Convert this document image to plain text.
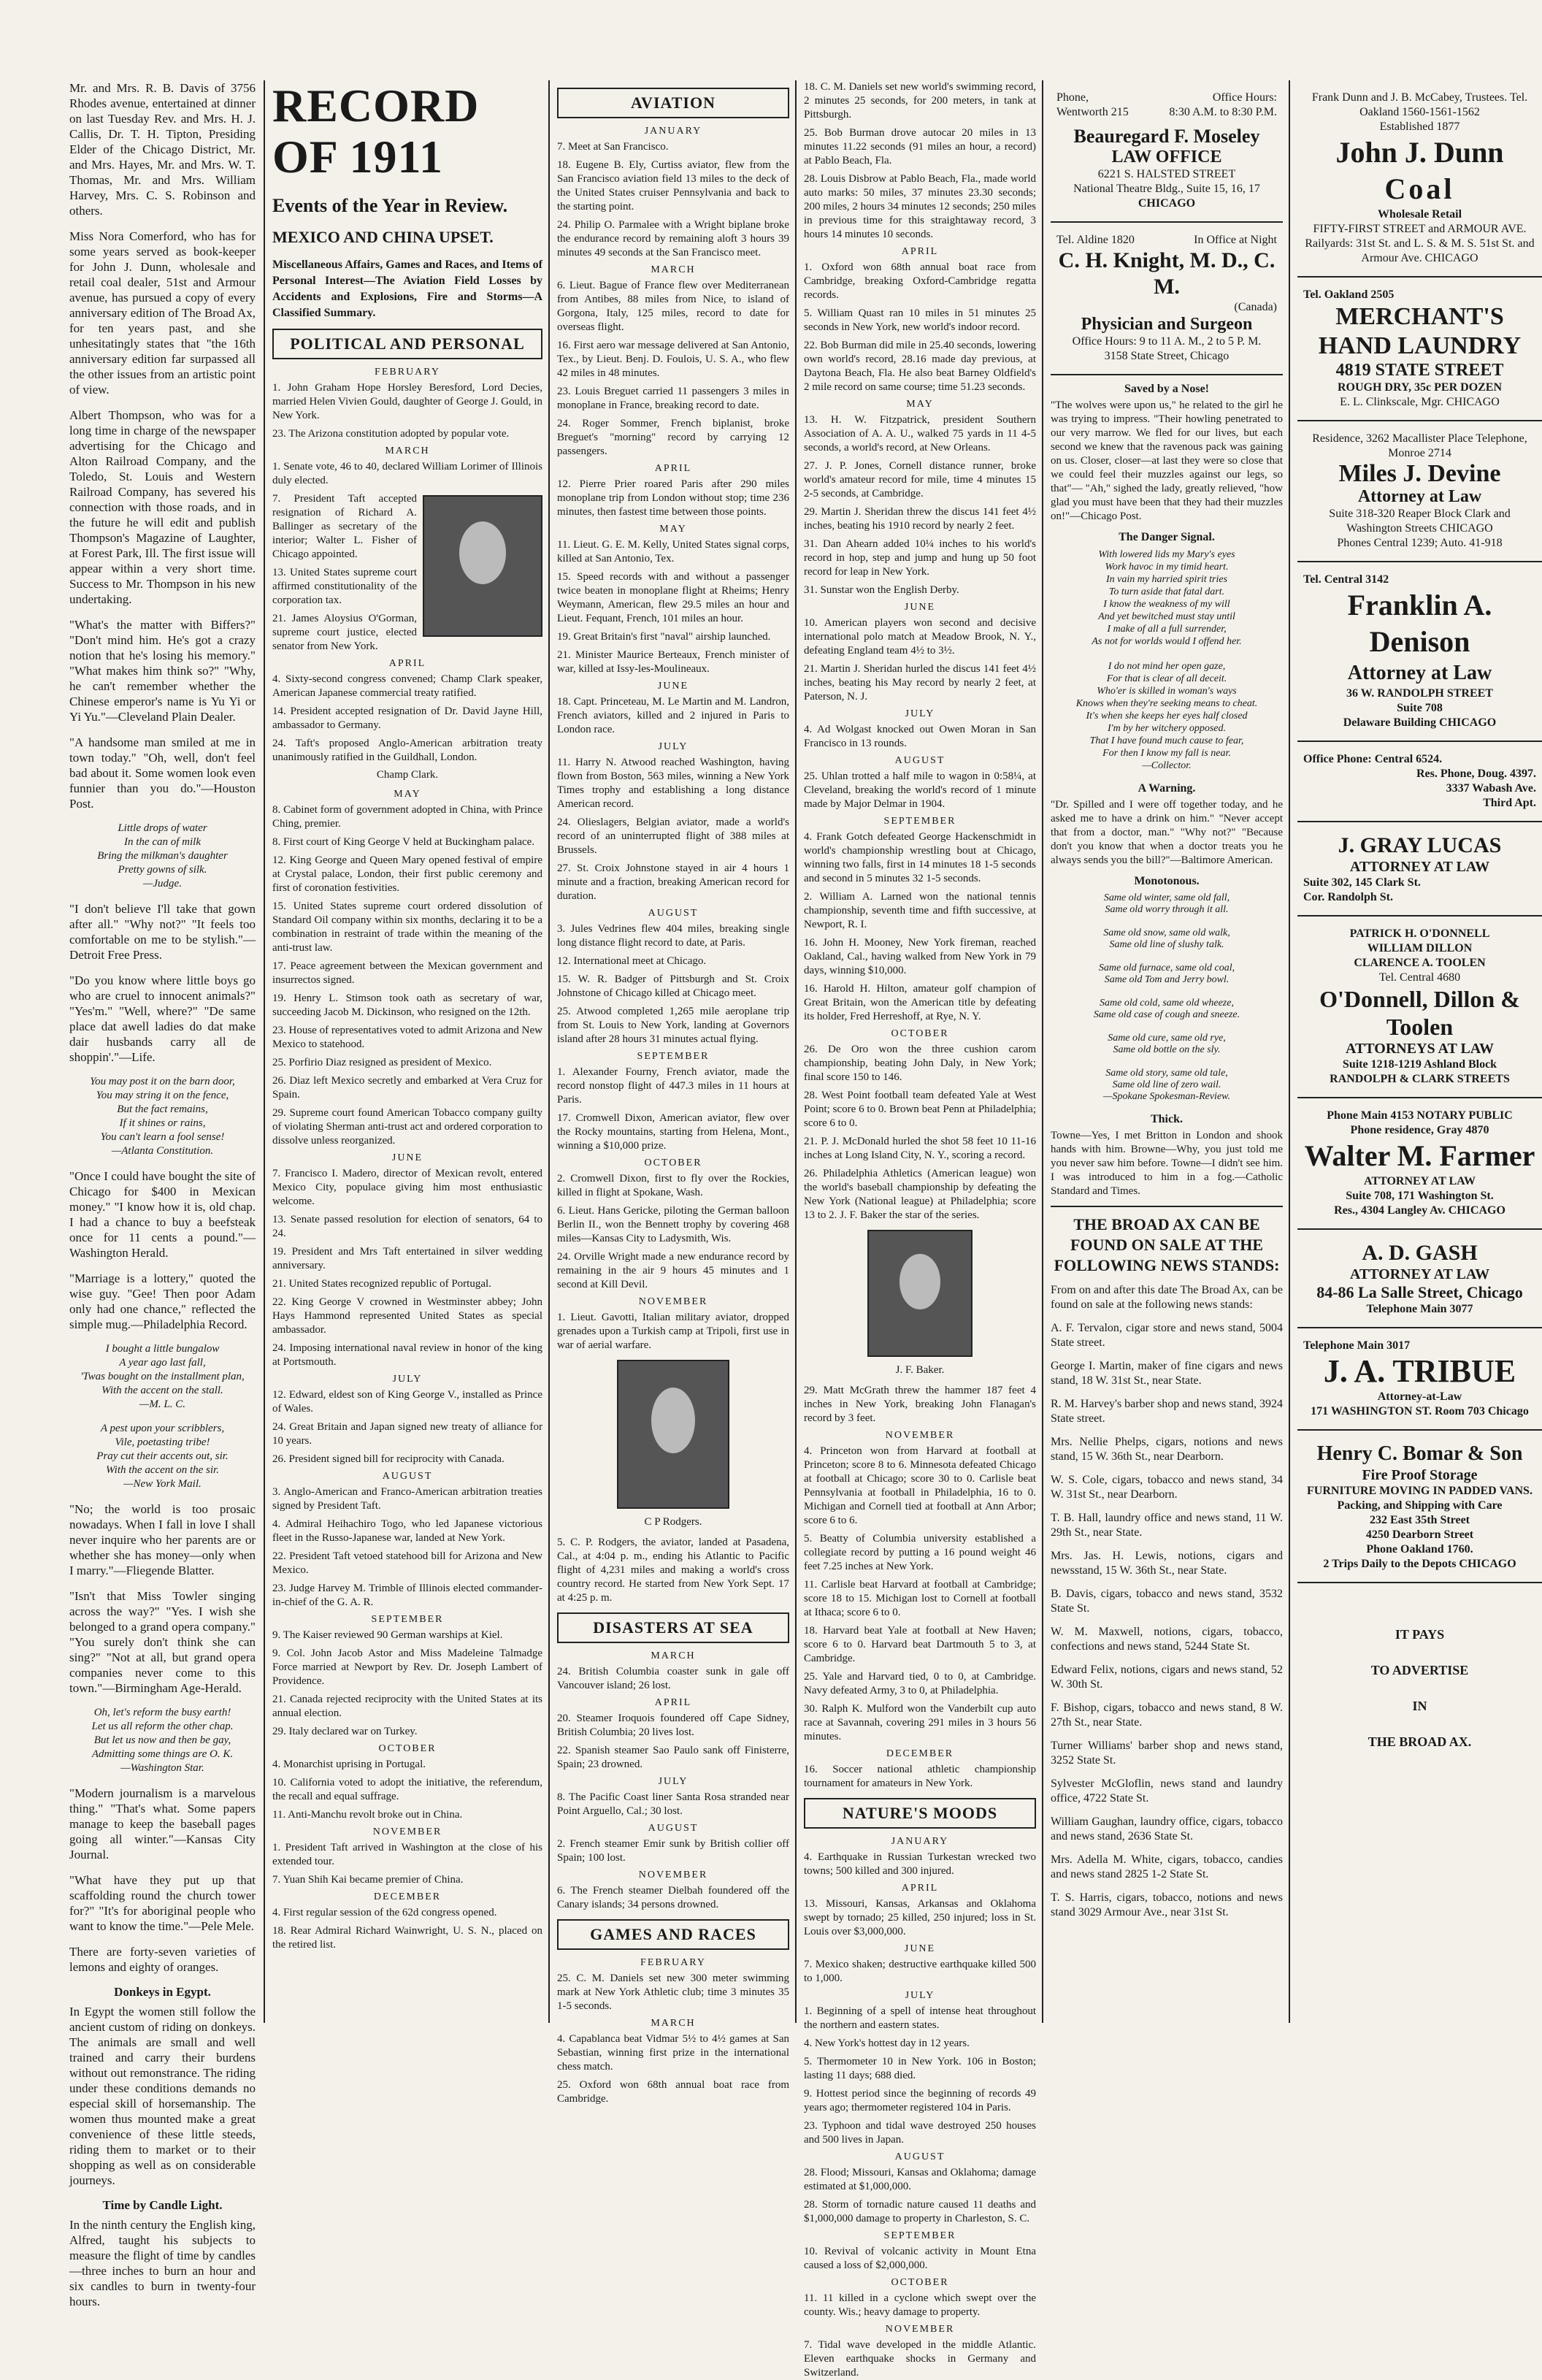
Mr. and Mrs. R. B. Davis of 3756 Rhodes avenue, entertained at dinner on last Tuesday Rev. and Mrs. H. J. Callis, Dr. T. H. Tipton, Presiding Elder of the Chicago District, Mr. and Mrs. Hayes, Mr. and Mrs. W. T. Thomas, Mr. and Mrs. William Harvey, Mrs. C. S. Robinson and others.

Miss Nora Comerford, who has for some years served as book-keeper for John J. Dunn, wholesale and retail coal dealer, 51st and Armour avenue, has pursued a copy of every anniversary edition of The Broad Ax, for ten years past, and she unhesitatingly states that "the 16th anniversary edition far surpassed all the other issues from an artistic point of view.

Albert Thompson, who was for a long time in charge of the newspaper advertising for the Chicago and Alton Railroad Company, and the Toledo, St. Louis and Western Railroad Company, has severed his connection with those roads, and in the future he will edit and publish Thompson's Magazine of Laughter, at Forest Park, Ill. The first issue will appear within a very short time. Success to Mr. Thompson in his new undertaking.

"What's the matter with Biffers?" "Don't mind him. He's got a crazy notion that he's losing his memory." "What makes him think so?" "Why, he can't remember whether the Chinese emperor's name is Yu Yi or Yi Yu."—Cleveland Plain Dealer.

"A handsome man smiled at me in town today." "Oh, well, don't feel bad about it. Some women look even funnier than you do."—Houston Post.

Little drops of water
In the can of milk
Bring the milkman's daughter
Pretty gowns of silk.
—Judge.

"I don't believe I'll take that gown after all." "Why not?" "It feels too comfortable on me to be stylish."—Detroit Free Press.

"Do you know where little boys go who are cruel to innocent animals?" "Yes'm." "Well, where?" "De same place dat awell ladies do dat make dair husbands carry all de shoppin'."—Life.

You may post it on the barn door,
You may string it on the fence,
But the fact remains,
If it shines or rains,
You can't learn a fool sense!
—Atlanta Constitution.

"Once I could have bought the site of Chicago for $400 in Mexican money." "I know how it is, old chap. I had a chance to buy a beefsteak once for 11 cents a pound."—Washington Herald.

"Marriage is a lottery," quoted the wise guy. "Gee! Then poor Adam only had one chance," reflected the simple mug.—Philadelphia Record.

I bought a little bungalow
A year ago last fall,
'Twas bought on the installment plan,
With the accent on the stall.
—M. L. C.
A pest upon your scribblers,
Vile, poetasting tribe!
Pray cut their accents out, sir.
With the accent on the sir.
—New York Mail.

"No; the world is too prosaic nowadays. When I fall in love I shall never inquire who her parents are or whether she has money—only when I marry."—Fliegende Blatter.

"Isn't that Miss Towler singing across the way?" "Yes. I wish she belonged to a grand opera company." "You surely don't think she can sing?" "Not at all, but grand opera companies never come to this town."—Birmingham Age-Herald.

Oh, let's reform the busy earth!
Let us all reform the other chap.
But let us now and then be gay,
Admitting some things are O. K.
—Washington Star.

"Modern journalism is a marvelous thing." "That's what. Some papers manage to keep the baseball pages going all winter."—Kansas City Journal.

"What have they put up that scaffolding round the church tower for?" "It's for aboriginal people who want to know the time."—Pele Mele.

There are forty-seven varieties of lemons and eighty of oranges.

Donkeys in Egypt.

In Egypt the women still follow the ancient custom of riding on donkeys. The animals are small and well trained and carry their burdens without out remonstrance. The riding under these conditions demands no especial skill of horsemanship. The women thus mounted make a great convenience of these little steeds, riding them to market or to their shopping as well as on considerable journeys.

Time by Candle Light.

In the ninth century the English king, Alfred, taught his subjects to measure the flight of time by candles—three inches to burn an hour and six candles to burn in twenty-four hours.

RECORD OF 1911
Events of the Year in Review.
MEXICO AND CHINA UPSET.
Miscellaneous Affairs, Games and Races, and Items of Personal Interest—The Aviation Field Losses by Accidents and Explosions, Fire and Storms—A Classified Summary.
POLITICAL AND PERSONAL
FEBRUARY
1. John Graham Hope Horsley Beresford, Lord Decies, married Helen Vivien Gould, daughter of George J. Gould, in New York.
23. The Arizona constitution adopted by popular vote.
MARCH
1. Senate vote, 46 to 40, declared William Lorimer of Illinois duly elected.
7. President Taft accepted resignation of Richard A. Ballinger as secretary of the interior; Walter L. Fisher of Chicago appointed.
13. United States supreme court affirmed constitutionality of the corporation tax.
21. James Aloysius O'Gorman, supreme court justice, elected senator from New York.
APRIL
4. Sixty-second congress convened; Champ Clark speaker, American Japanese commercial treaty ratified.
14. President accepted resignation of Dr. David Jayne Hill, ambassador to Germany.
24. Taft's proposed Anglo-American arbitration treaty unanimously ratified in the Guildhall, London.
Champ Clark.
MAY
8. Cabinet form of government adopted in China, with Prince Ching, premier.
8. First court of King George V held at Buckingham palace.
12. King George and Queen Mary opened festival of empire at Crystal palace, London, their first public ceremony and first of coronation festivities.
15. United States supreme court ordered dissolution of Standard Oil company within six months, declaring it to be a combination in restraint of trade within the meaning of the anti-trust law.
17. Peace agreement between the Mexican government and insurrectos signed.
19. Henry L. Stimson took oath as secretary of war, succeeding Jacob M. Dickinson, who resigned on the 12th.
23. House of representatives voted to admit Arizona and New Mexico to statehood.
25. Porfirio Diaz resigned as president of Mexico.
26. Diaz left Mexico secretly and embarked at Vera Cruz for Spain.
29. Supreme court found American Tobacco company guilty of violating Sherman anti-trust act and ordered corporation to dissolve unless reorganized.
JUNE
7. Francisco I. Madero, director of Mexican revolt, entered Mexico City, populace giving him most enthusiastic welcome.
13. Senate passed resolution for election of senators, 64 to 24.
19. President and Mrs Taft entertained in silver wedding anniversary.
21. United States recognized republic of Portugal.
22. King George V crowned in Westminster abbey; John Hays Hammond represented United States as special ambassador.
24. Imposing international naval review in honor of the king at Portsmouth.
JULY
12. Edward, eldest son of King George V., installed as Prince of Wales.
24. Great Britain and Japan signed new treaty of alliance for 10 years.
26. President signed bill for reciprocity with Canada.
AUGUST
3. Anglo-American and Franco-American arbitration treaties signed by President Taft.
4. Admiral Heihachiro Togo, who led Japanese victorious fleet in the Russo-Japanese war, landed at New York.
22. President Taft vetoed statehood bill for Arizona and New Mexico.
23. Judge Harvey M. Trimble of Illinois elected commander-in-chief of the G. A. R.
SEPTEMBER
9. The Kaiser reviewed 90 German warships at Kiel.
9. Col. John Jacob Astor and Miss Madeleine Talmadge Force married at Newport by Rev. Dr. Joseph Lambert of Providence.
21. Canada rejected reciprocity with the United States at its annual election.
29. Italy declared war on Turkey.
OCTOBER
4. Monarchist uprising in Portugal.
10. California voted to adopt the initiative, the referendum, the recall and equal suffrage.
11. Anti-Manchu revolt broke out in China.
NOVEMBER
1. President Taft arrived in Washington at the close of his extended tour.
7. Yuan Shih Kai became premier of China.
DECEMBER
4. First regular session of the 62d congress opened.
18. Rear Admiral Richard Wainwright, U. S. N., placed on the retired list.
AVIATION
JANUARY
7. Meet at San Francisco.
18. Eugene B. Ely, Curtiss aviator, flew from the San Francisco aviation field 13 miles to the deck of the United States cruiser Pennsylvania and back to the starting point.
24. Philip O. Parmalee with a Wright biplane broke the endurance record by remaining aloft 3 hours 39 minutes 49 seconds at the San Francisco meet.
MARCH
6. Lieut. Bague of France flew over Mediterranean from Antibes, 88 miles from Nice, to island of Gorgona, Italy, 125 miles, record to date for overseas flight.
16. First aero war message delivered at San Antonio, Tex., by Lieut. Benj. D. Foulois, U. S. A., who flew 42 miles in 48 minutes.
23. Louis Breguet carried 11 passengers 3 miles in monoplane in France, breaking record to date.
24. Roger Sommer, French biplanist, broke Breguet's "morning" record by carrying 12 passengers.
APRIL
12. Pierre Prier roared Paris after 290 miles monoplane trip from London without stop; time 236 minutes, then fastest time between those points.
MAY
11. Lieut. G. E. M. Kelly, United States signal corps, killed at San Antonio, Tex.
15. Speed records with and without a passenger twice beaten in monoplane flight at Rheims; Henry Weymann, American, flew 29.5 miles an hour and Lieut. Fequant, French, 101 miles an hour.
19. Great Britain's first "naval" airship launched.
21. Minister Maurice Berteaux, French minister of war, killed at Issy-les-Moulineaux.
JUNE
18. Capt. Princeteau, M. Le Martin and M. Landron, French aviators, killed and 2 injured in Paris to London race.
JULY
11. Harry N. Atwood reached Washington, having flown from Boston, 563 miles, winning a New York Times trophy and establishing a long distance American record.
24. Olieslagers, Belgian aviator, made a world's record of an uninterrupted flight of 388 miles at Brussels.
27. St. Croix Johnstone stayed in air 4 hours 1 minute and a fraction, breaking American record for duration.
AUGUST
3. Jules Vedrines flew 404 miles, breaking single long distance flight record to date, at Paris.
12. International meet at Chicago.
15. W. R. Badger of Pittsburgh and St. Croix Johnstone of Chicago killed at Chicago meet.
25. Atwood completed 1,265 mile aeroplane trip from St. Louis to New York, landing at Governors island after 28 hours 31 minutes actual flying.
SEPTEMBER
1. Alexander Fourny, French aviator, made the record nonstop flight of 447.3 miles in 11 hours at Paris.
17. Cromwell Dixon, American aviator, flew over the Rocky mountains, starting from Helena, Mont., winning a $10,000 prize.
OCTOBER
2. Cromwell Dixon, first to fly over the Rockies, killed in flight at Spokane, Wash.
6. Lieut. Hans Gericke, piloting the German balloon Berlin II., won the Bennett trophy by covering 468 miles—Kansas City to Ladysmith, Wis.
24. Orville Wright made a new endurance record by remaining in the air 9 hours 45 minutes and 1 second at Kill Devil.
NOVEMBER
1. Lieut. Gavotti, Italian military aviator, dropped grenades upon a Turkish camp at Tripoli, first use in war of aerial warfare.
C P Rodgers.
5. C. P. Rodgers, the aviator, landed at Pasadena, Cal., at 4:04 p. m., ending his Atlantic to Pacific flight of 4,231 miles and making a world's cross country record. He started from New York Sept. 17 at 4:25 p. m.
DISASTERS AT SEA
MARCH
24. British Columbia coaster sunk in gale off Vancouver island; 26 lost.
APRIL
20. Steamer Iroquois foundered off Cape Sidney, British Columbia; 20 lives lost.
22. Spanish steamer Sao Paulo sank off Finisterre, Spain; 23 drowned.
JULY
8. The Pacific Coast liner Santa Rosa stranded near Point Arguello, Cal.; 30 lost.
AUGUST
2. French steamer Emir sunk by British collier off Spain; 100 lost.
NOVEMBER
6. The French steamer Dielbah foundered off the Canary islands; 34 persons drowned.
GAMES AND RACES
FEBRUARY
25. C. M. Daniels set new 300 meter swimming mark at New York Athletic club; time 3 minutes 35 1-5 seconds.
MARCH
4. Capablanca beat Vidmar 5½ to 4½ games at San Sebastian, winning first prize in the international chess match.
25. Oxford won 68th annual boat race from Cambridge.
18. C. M. Daniels set new world's swimming record, 2 minutes 25 seconds, for 200 meters, in tank at Pittsburgh.
25. Bob Burman drove autocar 20 miles in 13 minutes 11.22 seconds (91 miles an hour, a record) at Pablo Beach, Fla.
28. Louis Disbrow at Pablo Beach, Fla., made world auto marks: 50 miles, 37 minutes 23.30 seconds; 200 miles, 2 hours 34 minutes 12 seconds; 250 miles in previous time for this straightaway record, 3 hours 14 minutes 10 seconds.
APRIL
1. Oxford won 68th annual boat race from Cambridge, breaking Oxford-Cambridge regatta records.
5. William Quast ran 10 miles in 51 minutes 25 seconds in New York, new world's indoor record.
22. Bob Burman did mile in 25.40 seconds, lowering own world's record, 28.16 made day previous, at Daytona Beach, Fla. He also beat Barney Oldfield's 2 mile record on same course; time 51.23 seconds.
MAY
13. H. W. Fitzpatrick, president Southern Association of A. A. U., walked 75 yards in 11 4-5 seconds, a world's record, at New Orleans.
27. J. P. Jones, Cornell distance runner, broke world's amateur record for mile, time 4 minutes 15 2-5 seconds, at Cambridge.
29. Martin J. Sheridan threw the discus 141 feet 4½ inches, beating his 1910 record by nearly 2 feet.
31. Dan Ahearn added 10¼ inches to his world's record in hop, step and jump and hung up 50 foot record for leap in New York.
31. Sunstar won the English Derby.
JUNE
10. American players won second and decisive international polo match at Meadow Brook, N. Y., defeating England team 4½ to 3½.
21. Martin J. Sheridan hurled the discus 141 feet 4½ inches, beating his May record by nearly 2 feet, at Paterson, N. J.
JULY
4. Ad Wolgast knocked out Owen Moran in San Francisco in 13 rounds.
AUGUST
25. Uhlan trotted a half mile to wagon in 0:58¼, at Cleveland, breaking the world's record of 1 minute made by Major Delmar in 1904.
SEPTEMBER
4. Frank Gotch defeated George Hackenschmidt in world's championship wrestling bout at Chicago, winning two falls, first in 14 minutes 18 1-5 seconds and second in 5 minutes 32 1-5 seconds.
2. William A. Larned won the national tennis championship, seventh time and fifth successive, at Newport, R. I.
16. John H. Mooney, New York fireman, reached Oakland, Cal., having walked from New York in 79 days, winning $10,000.
16. Harold H. Hilton, amateur golf champion of Great Britain, won the American title by defeating its holder, Fred Herreshoff, at Rye, N. Y.
OCTOBER
26. De Oro won the three cushion carom championship, beating John Daly, in New York; final score 150 to 146.
28. West Point football team defeated Yale at West Point; score 6 to 0. Brown beat Penn at Philadelphia; score 6 to 0.
21. P. J. McDonald hurled the shot 58 feet 10 11-16 inches at Long Island City, N. Y., scoring a record.
26. Philadelphia Athletics (American league) won the world's baseball championship by defeating the New York (National league) at Philadelphia; score 13 to 2. J. F. Baker the star of the series.
J. F. Baker.
29. Matt McGrath threw the hammer 187 feet 4 inches in New York, breaking John Flanagan's record by 3 feet.
NOVEMBER
4. Princeton won from Harvard at football at Princeton; score 8 to 6. Minnesota defeated Chicago at football at Chicago; score 30 to 0. Carlisle beat Pennsylvania at football in Philadelphia, 16 to 0. Michigan and Cornell tied at football at Ann Arbor; score 6 to 6.
5. Beatty of Columbia university established a collegiate record by putting a 16 pound weight 46 feet 7.25 inches at New York.
11. Carlisle beat Harvard at football at Cambridge; score 18 to 15. Michigan lost to Cornell at football at Ithaca; score 6 to 0.
18. Harvard beat Yale at football at New Haven; score 6 to 0. Harvard beat Dartmouth 5 to 3, at Cambridge.
25. Yale and Harvard tied, 0 to 0, at Cambridge. Navy defeated Army, 3 to 0, at Philadelphia.
30. Ralph K. Mulford won the Vanderbilt cup auto race at Savannah, covering 291 miles in 3 hours 56 minutes.
DECEMBER
16. Soccer national athletic championship tournament for amateurs in New York.
NATURE'S MOODS
JANUARY
4. Earthquake in Russian Turkestan wrecked two towns; 500 killed and 300 injured.
APRIL
13. Missouri, Kansas, Arkansas and Oklahoma swept by tornado; 25 killed, 250 injured; loss in St. Louis over $3,000,000.
JUNE
7. Mexico shaken; destructive earthquake killed 500 to 1,000.
JULY
1. Beginning of a spell of intense heat throughout the northern and eastern states.
4. New York's hottest day in 12 years.
5. Thermometer 10 in New York. 106 in Boston; lasting 11 days; 688 died.
9. Hottest period since the beginning of records 49 years ago; thermometer registered 104 in Paris.
23. Typhoon and tidal wave destroyed 250 houses and 500 lives in Japan.
AUGUST
28. Flood; Missouri, Kansas and Oklahoma; damage estimated at $1,000,000.
28. Storm of tornadic nature caused 11 deaths and $1,000,000 damage to property in Charleston, S. C.
SEPTEMBER
10. Revival of volcanic activity in Mount Etna caused a loss of $2,000,000.
OCTOBER
11. 11 killed in a cyclone which swept over the county. Wis.; heavy damage to property.
NOVEMBER
7. Tidal wave developed in the middle Atlantic. Eleven earthquake shocks in Germany and Switzerland.
Phone,	Office Hours:
Wentworth 215	8:30 A.M. to 8:30 P.M.
Beauregard F. Moseley
LAW OFFICE
6221 S. HALSTED STREET
National Theatre Bldg., Suite 15, 16, 17
CHICAGO
Tel. Aldine 1820	In Office at Night
C. H. Knight, M. D., C. M.
(Canada)
Physician and Surgeon
Office Hours: 9 to 11 A. M., 2 to 5 P. M.
3158 State Street, Chicago
Saved by a Nose!
"The wolves were upon us," he related to the girl he was trying to impress. "Their howling penetrated to our very marrow. We fled for our lives, but each second we knew that the ravenous pack was gaining on us. Closer, closer—at last they were so close that we could feel their muzzles against our legs, so that"— "Ah," sighed the lady, greatly relieved, "how glad you must have been that they had their muzzles on!"—Chicago Post.
The Danger Signal.
With lowered lids my Mary's eyes
Work havoc in my timid heart.
In vain my harried spirit tries
To turn aside that fatal dart.
I know the weakness of my will
And yet bewitched must stay until
I make of all a full surrender,
As not for worlds would I offend her.

I do not mind her open gaze,
For that is clear of all deceit.
Who'er is skilled in woman's ways
Knows when they're seeking means to cheat.
It's when she keeps her eyes half closed
I'm by her witchery opposed.
That I have found much cause to fear,
For then I know my fall is near.
—Collector.
A Warning.
"Dr. Spilled and I were off together today, and he asked me to have a drink on him." "Never accept that from a doctor, man." "Why not?" "Because don't you know that when a doctor treats you he always sends you the bill?"—Baltimore American.
Monotonous.
Same old winter, same old fall,
Same old worry through it all.

Same old snow, same old walk,
Same old line of slushy talk.

Same old furnace, same old coal,
Same old Tom and Jerry bowl.

Same old cold, same old wheeze,
Same old case of cough and sneeze.

Same old cure, same old rye,
Same old bottle on the sly.

Same old story, same old tale,
Same old line of zero wail.
—Spokane Spokesman-Review.
Thick.
Towne—Yes, I met Britton in London and shook hands with him. Browne—Why, you just told me you never saw him before. Towne—I didn't see him. I was introduced to him in a fog.—Catholic Standard and Times.
THE BROAD AX CAN BE FOUND ON SALE AT THE FOLLOWING NEWS STANDS:
From on and after this date The Broad Ax, can be found on sale at the following news stands:
A. F. Tervalon, cigar store and news stand, 5004 State street.
George I. Martin, maker of fine cigars and news stand, 18 W. 31st St., near State.
R. M. Harvey's barber shop and news stand, 3924 State street.
Mrs. Nellie Phelps, cigars, notions and news stand, 15 W. 36th St., near Dearborn.
W. S. Cole, cigars, tobacco and news stand, 34 W. 31st St., near Dearborn.
T. B. Hall, laundry office and news stand, 11 W. 29th St., near State.
Mrs. Jas. H. Lewis, notions, cigars and newsstand, 15 W. 36th St., near State.
B. Davis, cigars, tobacco and news stand, 3532 State St.
W. M. Maxwell, notions, cigars, tobacco, confections and news stand, 5244 State St.
Edward Felix, notions, cigars and news stand, 52 W. 30th St.
F. Bishop, cigars, tobacco and news stand, 8 W. 27th St., near State.
Turner Williams' barber shop and news stand, 3252 State St.
Sylvester McGloflin, news stand and laundry office, 4722 State St.
William Gaughan, laundry office, cigars, tobacco and news stand, 2636 State St.
Mrs. Adella M. White, cigars, tobacco, candies and news stand 2825 1-2 State St.
T. S. Harris, cigars, tobacco, notions and news stand 3029 Armour Ave., near 31st St.
Frank Dunn and J. B. McCabey, Trustees. Tel. Oakland 1560-1561-1562
Established 1877
John J. Dunn
Coal
Wholesale Retail
FIFTY-FIRST STREET and ARMOUR AVE.
Railyards: 31st St. and L. S. & M. S. 51st St. and Armour Ave. CHICAGO
Tel. Oakland 2505
MERCHANT'S HAND LAUNDRY
4819 STATE STREET
ROUGH DRY, 35c PER DOZEN
E. L. Clinkscale, Mgr. CHICAGO
Residence, 3262 Macallister Place Telephone, Monroe 2714
Miles J. Devine
Attorney at Law
Suite 318-320 Reaper Block Clark and Washington Streets CHICAGO
Phones Central 1239; Auto. 41-918
Tel. Central 3142
Franklin A. Denison
Attorney at Law
36 W. RANDOLPH STREET
Suite 708
Delaware Building CHICAGO
Office Phone: Central 6524.
Res. Phone, Doug. 4397.
3337 Wabash Ave.
Third Apt.
J. GRAY LUCAS
ATTORNEY AT LAW
Suite 302, 145 Clark St.
Cor. Randolph St.
PATRICK H. O'DONNELL
WILLIAM DILLON
CLARENCE A. TOOLEN
Tel. Central 4680
O'Donnell, Dillon & Toolen
ATTORNEYS AT LAW
Suite 1218-1219 Ashland Block
RANDOLPH & CLARK STREETS
Phone Main 4153 NOTARY PUBLIC
Phone residence, Gray 4870
Walter M. Farmer
ATTORNEY AT LAW
Suite 708, 171 Washington St.
Res., 4304 Langley Av. CHICAGO
A. D. GASH
ATTORNEY AT LAW
84-86 La Salle Street, Chicago
Telephone Main 3077
Telephone Main 3017
J. A. TRIBUE
Attorney-at-Law
171 WASHINGTON ST. Room 703 Chicago
Henry C. Bomar & Son
Fire Proof Storage
FURNITURE MOVING IN PADDED VANS.
Packing, and Shipping with Care
232 East 35th Street
4250 Dearborn Street
Phone Oakland 1760.
2 Trips Daily to the Depots CHICAGO
IT PAYS
TO ADVERTISE
IN
THE BROAD AX.
